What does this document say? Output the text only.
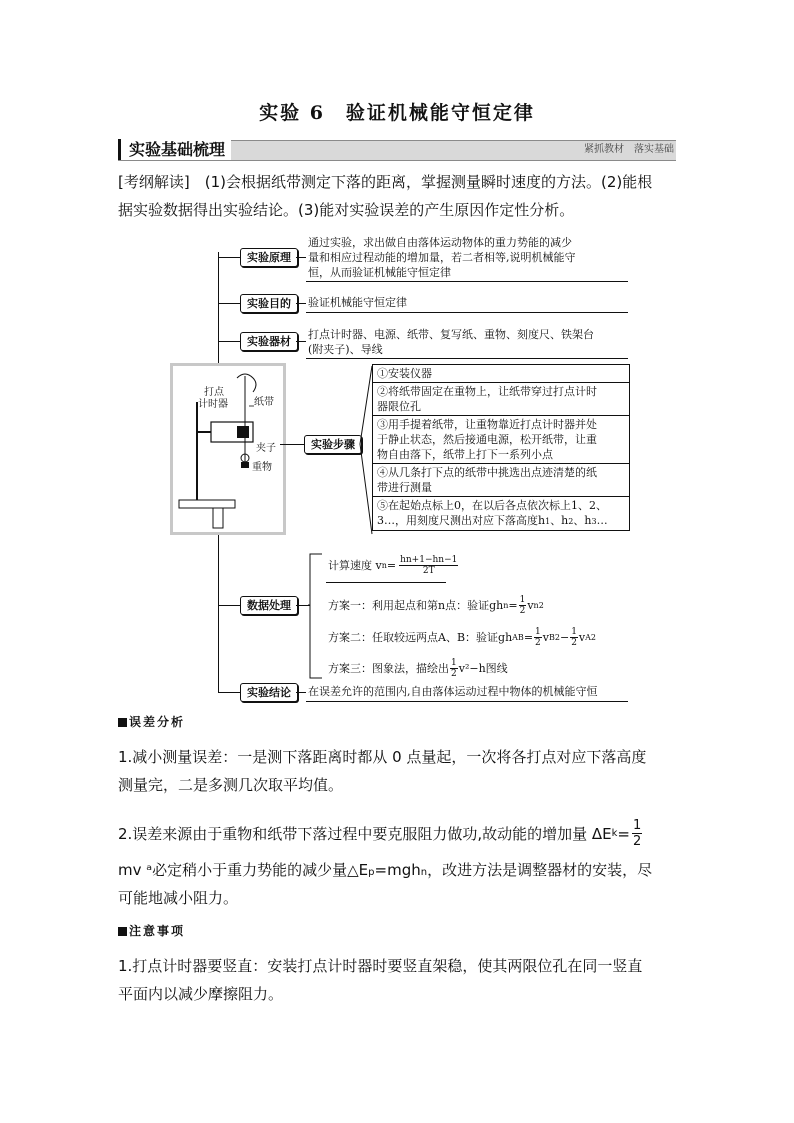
实验 6　验证机械能守恒定律
实验基础梳理	紧抓教材　落实基础
[考纲解读]　(1)会根据纸带测定下落的距离，掌握测量瞬时速度的方法。(2)能根
据实验数据得出实验结论。(3)能对实验误差的产生原因作定性分析。
实验原理
通过实验，求出做自由落体运动物体的重力势能的减少
量和相应过程动能的增加量，若二者相等,说明机械能守
恒，从而验证机械能守恒定律
实验目的	验证机械能守恒定律
实验器材
打点计时器、电源、纸带、复写纸、重物、刻度尺、铁架台
(附夹子)、导线
打点
计时器	纸带
夹子
重物
实验步骤
①安装仪器
②将纸带固定在重物上，让纸带穿过打点计时
器限位孔
③用手提着纸带，让重物靠近打点计时器并处
于静止状态，然后接通电源，松开纸带，让重
物自由落下，纸带上打下一系列小点
④从几条打下点的纸带中挑选出点迹清楚的纸
带进行测量
⑤在起始点标上0，在以后各点依次标上1、2、
3…，用刻度尺测出对应下落高度h1、h2、h3…
数据处理
计算速度 v $n = \frac{hn+1-hn-1}{2T}$
方案一：利用起点和第n点：验证gh $n = \frac{1}{2}$ v n 2
方案二：任取较远两点A、B：验证gh AB = $\frac{1}{2}$ v B $2 - \frac{1}{2}$ v A 2
方案三：图象法，描绘出 $\frac{1}{2} v^2-h$图线
实验结论	在误差允许的范围内,自由落体运动过程中物体的机械能守恒
误差分析
1.减小测量误差：一是测下落距离时都从 0 点量起，一次将各打点对应下落高度
测量完，二是多测几次取平均值。
2.误差来源由于重物和纸带下落过程中要克服阻力做功,故动能的增加量 ΔE $k = \frac{1}{2}$
mv ᵃ必定稍小于重力势能的减少量△Ep=mghn，改进方法是调整器材的安装，尽
可能地减小阻力。
注意事项
1.打点计时器要竖直：安装打点计时器时要竖直架稳，使其两限位孔在同一竖直
平面内以减少摩擦阻力。
